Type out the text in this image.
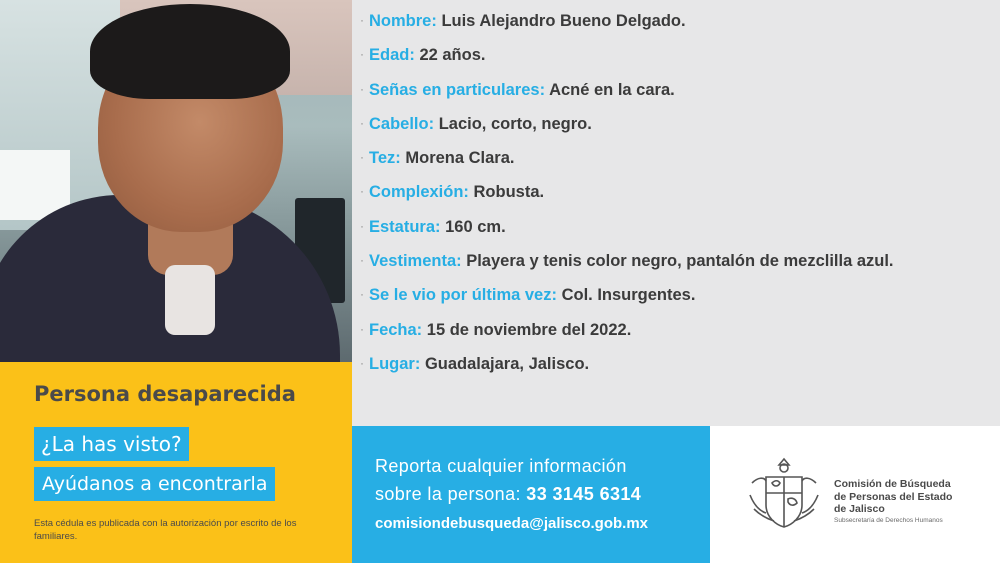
Persona desaparecida
¿La has visto?
Ayúdanos a encontrarla
Esta cédula es publicada con la autorización por escrito de los familiares.
· Nombre: Luis Alejandro Bueno Delgado.
· Edad: 22 años.
· Señas en particulares: Acné en la cara.
· Cabello: Lacio, corto, negro.
· Tez: Morena Clara.
· Complexión: Robusta.
· Estatura: 160 cm.
· Vestimenta: Playera y tenis color negro, pantalón de mezclilla azul.
· Se le vio por última vez: Col. Insurgentes.
· Fecha: 15 de noviembre del 2022.
· Lugar: Guadalajara, Jalisco.
Reporta cualquier información
sobre la persona: 33 3145 6314
comisiondebusqueda@jalisco.gob.mx
Comisión de Búsqueda
de Personas del Estado
de Jalisco
Subsecretaría de Derechos Humanos
